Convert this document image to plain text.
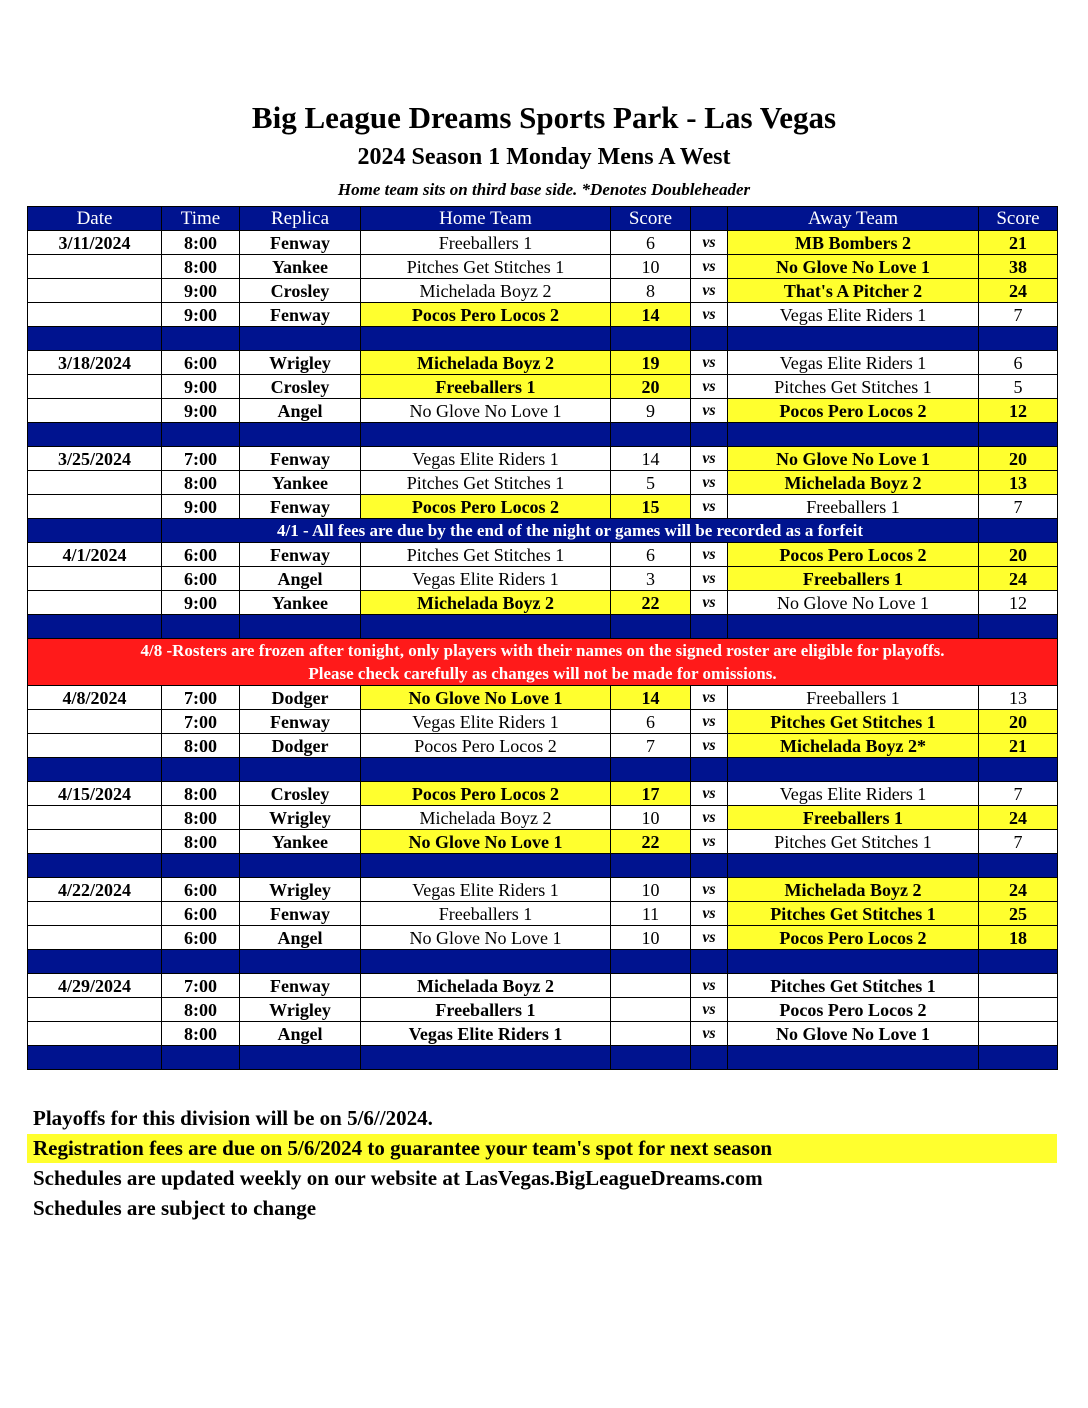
Big League Dreams Sports Park - Las Vegas
2024 Season 1 Monday Mens A West
Home team sits on third base side. *Denotes Doubleheader
Date	Time	Replica	Home Team	Score		Away Team	Score
3/11/2024	8:00	Fenway	Freeballers 1	6	vs	MB Bombers 2	21
	8:00	Yankee	Pitches Get Stitches 1	10	vs	No Glove No Love 1	38
	9:00	Crosley	Michelada Boyz 2	8	vs	That's A Pitcher 2	24
	9:00	Fenway	Pocos Pero Locos 2	14	vs	Vegas Elite Riders 1	7

3/18/2024	6:00	Wrigley	Michelada Boyz 2	19	vs	Vegas Elite Riders 1	6
	9:00	Crosley	Freeballers 1	20	vs	Pitches Get Stitches 1	5
	9:00	Angel	No Glove No Love 1	9	vs	Pocos Pero Locos 2	12

3/25/2024	7:00	Fenway	Vegas Elite Riders 1	14	vs	No Glove No Love 1	20
	8:00	Yankee	Pitches Get Stitches 1	5	vs	Michelada Boyz 2	13
	9:00	Fenway	Pocos Pero Locos 2	15	vs	Freeballers 1	7
	4/1 - All fees are due by the end of the night or games will be recorded as a forfeit						
4/1/2024	6:00	Fenway	Pitches Get Stitches 1	6	vs	Pocos Pero Locos 2	20
	6:00	Angel	Vegas Elite Riders 1	3	vs	Freeballers 1	24
	9:00	Yankee	Michelada Boyz 2	22	vs	No Glove No Love 1	12

4/8 -Rosters are frozen after tonight, only players with their names on the signed roster are eligible for playoffs.
Please check carefully as changes will not be made for omissions.							

4/8/2024	7:00	Dodger	No Glove No Love 1	14	vs	Freeballers 1	13
	7:00	Fenway	Vegas Elite Riders 1	6	vs	Pitches Get Stitches 1	20
	8:00	Dodger	Pocos Pero Locos 2	7	vs	Michelada Boyz 2*	21

4/15/2024	8:00	Crosley	Pocos Pero Locos 2	17	vs	Vegas Elite Riders 1	7
	8:00	Wrigley	Michelada Boyz 2	10	vs	Freeballers 1	24
	8:00	Yankee	No Glove No Love 1	22	vs	Pitches Get Stitches 1	7

4/22/2024	6:00	Wrigley	Vegas Elite Riders 1	10	vs	Michelada Boyz 2	24
	6:00	Fenway	Freeballers 1	11	vs	Pitches Get Stitches 1	25
	6:00	Angel	No Glove No Love 1	10	vs	Pocos Pero Locos 2	18

4/29/2024	7:00	Fenway	Michelada Boyz 2		vs	Pitches Get Stitches 1	
	8:00	Wrigley	Freeballers 1		vs	Pocos Pero Locos 2	
	8:00	Angel	Vegas Elite Riders 1		vs	No Glove No Love 1	

Playoffs for this division will be on 5/6//2024.
Registration fees are due on 5/6/2024 to guarantee your team's spot for next season
Schedules are updated weekly on our website at LasVegas.BigLeagueDreams.com
Schedules are subject to change
